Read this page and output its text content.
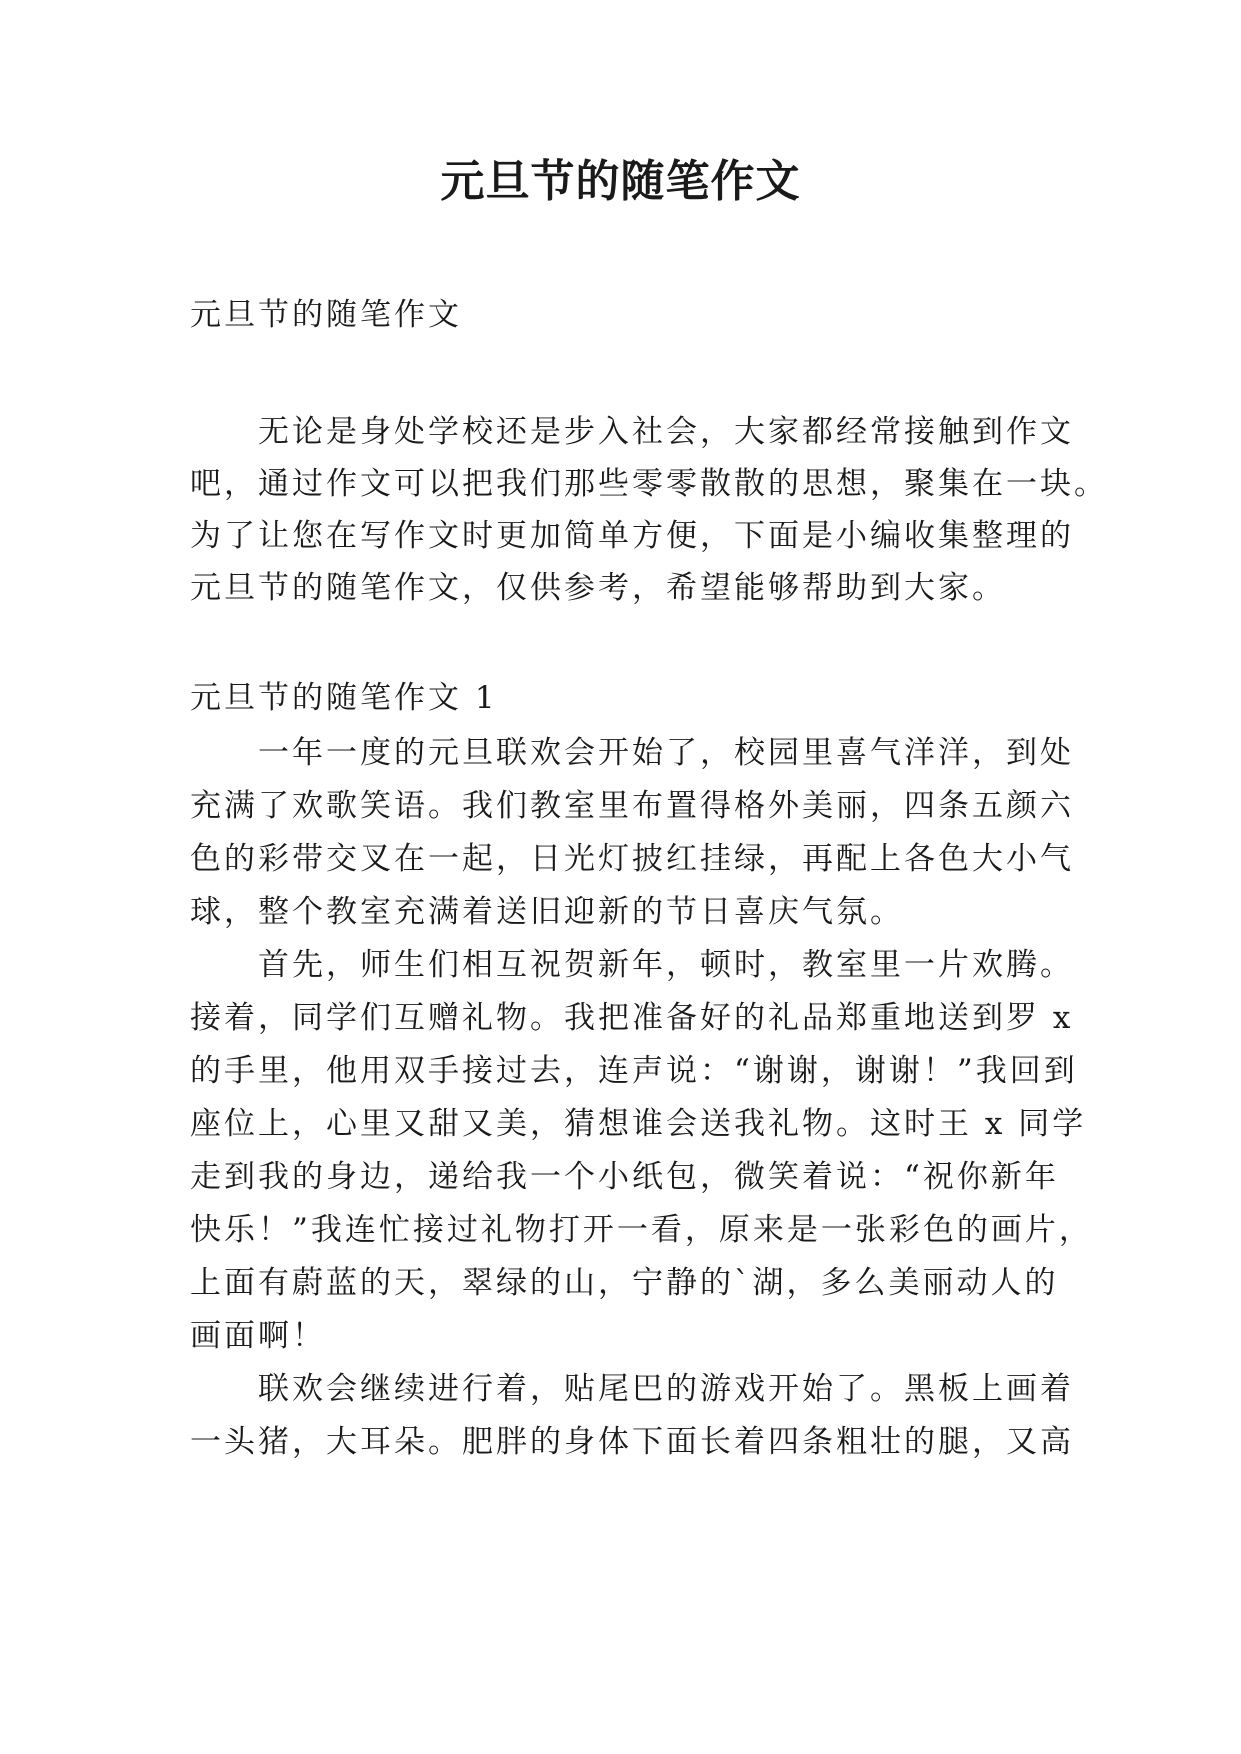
元旦节的随笔作文

元旦节的随笔作文

无论是身处学校还是步入社会，大家都经常接触到作文
吧，通过作文可以把我们那些零零散散的思想，聚集在一块。
为了让您在写作文时更加简单方便，下面是小编收集整理的
元旦节的随笔作文，仅供参考，希望能够帮助到大家。

元旦节的随笔作文 1

一年一度的元旦联欢会开始了，校园里喜气洋洋，到处
充满了欢歌笑语。我们教室里布置得格外美丽，四条五颜六
色的彩带交叉在一起，日光灯披红挂绿，再配上各色大小气
球，整个教室充满着送旧迎新的节日喜庆气氛。
首先，师生们相互祝贺新年，顿时，教室里一片欢腾。
接着，同学们互赠礼物。我把准备好的礼品郑重地送到罗 x
的手里，他用双手接过去，连声说：“谢谢，谢谢！”我回到
座位上，心里又甜又美，猜想谁会送我礼物。这时王 x 同学
走到我的身边，递给我一个小纸包，微笑着说：“祝你新年
快乐！”我连忙接过礼物打开一看，原来是一张彩色的画片，
上面有蔚蓝的天，翠绿的山，宁静的`湖，多么美丽动人的
画面啊！
联欢会继续进行着，贴尾巴的游戏开始了。黑板上画着
一头猪，大耳朵。肥胖的身体下面长着四条粗壮的腿，又高
